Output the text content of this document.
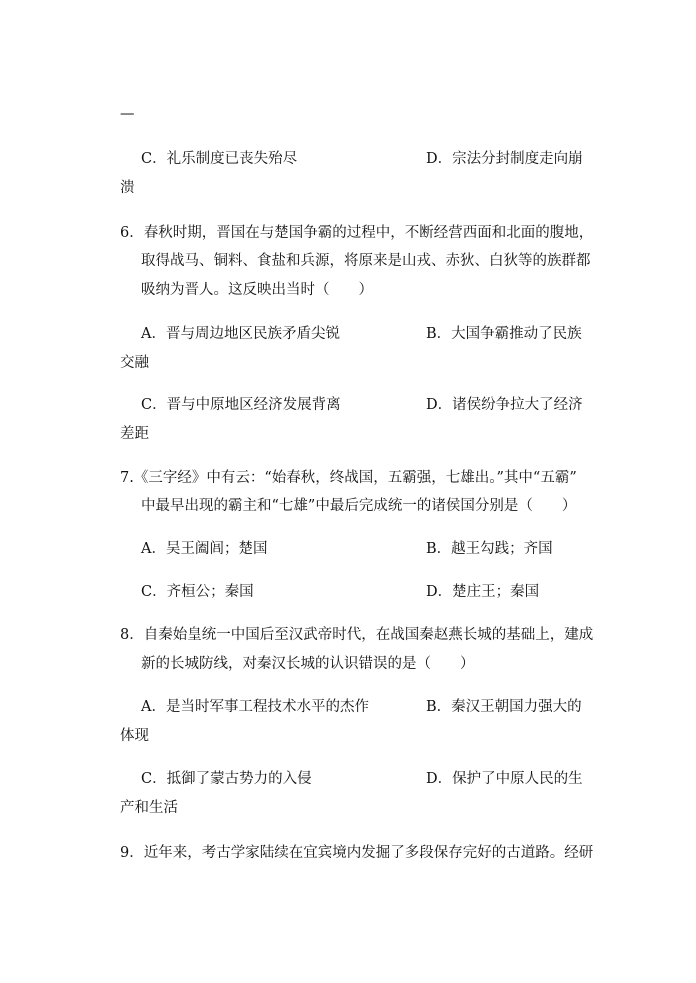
—
C．礼乐制度已丧失殆尽	D．宗法分封制度走向崩
溃
6．春秋时期，晋国在与楚国争霸的过程中，不断经营西面和北面的腹地，
取得战马、铜料、食盐和兵源，将原来是山戎、赤狄、白狄等的族群都
吸纳为晋人。这反映出当时（　　）
A．晋与周边地区民族矛盾尖锐	B．大国争霸推动了民族
交融
C．晋与中原地区经济发展背离	D．诸侯纷争拉大了经济
差距
7.《三字经》中有云：“始春秋，终战国，五霸强，七雄出。”其中“五霸”
中最早出现的霸主和“七雄”中最后完成统一的诸侯国分别是（　　）
A．吴王阖闾；楚国	B．越王勾践；齐国
C．齐桓公；秦国	D．楚庄王；秦国
8．自秦始皇统一中国后至汉武帝时代，在战国秦赵燕长城的基础上，建成
新的长城防线，对秦汉长城的认识错误的是（　　）
A．是当时军事工程技术水平的杰作	B．秦汉王朝国力强大的
体现
C．抵御了蒙古势力的入侵	D．保护了中原人民的生
产和生活
9．近年来，考古学家陆续在宜宾境内发掘了多段保存完好的古道路。经研
